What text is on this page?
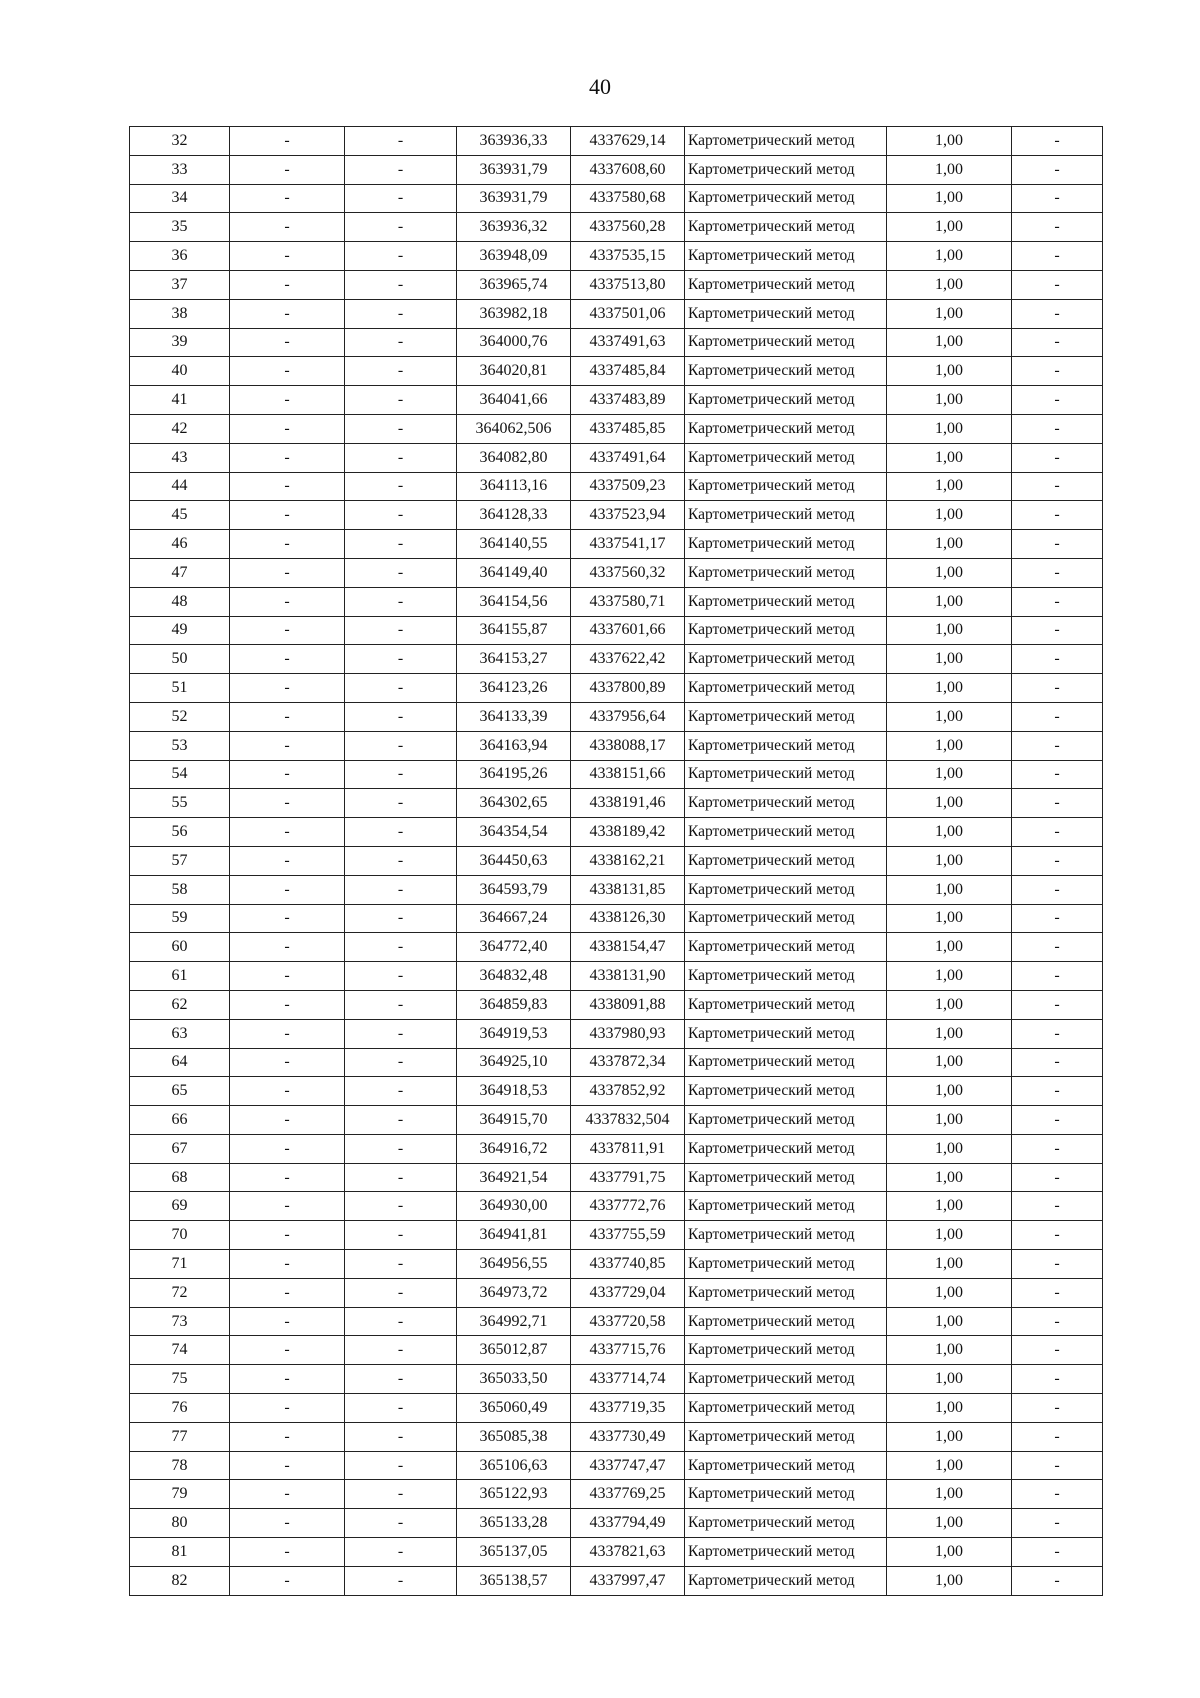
40
32	-	-	363936,33	4337629,14	Картометрический метод	1,00	-
33	-	-	363931,79	4337608,60	Картометрический метод	1,00	-
34	-	-	363931,79	4337580,68	Картометрический метод	1,00	-
35	-	-	363936,32	4337560,28	Картометрический метод	1,00	-
36	-	-	363948,09	4337535,15	Картометрический метод	1,00	-
37	-	-	363965,74	4337513,80	Картометрический метод	1,00	-
38	-	-	363982,18	4337501,06	Картометрический метод	1,00	-
39	-	-	364000,76	4337491,63	Картометрический метод	1,00	-
40	-	-	364020,81	4337485,84	Картометрический метод	1,00	-
41	-	-	364041,66	4337483,89	Картометрический метод	1,00	-
42	-	-	364062,506	4337485,85	Картометрический метод	1,00	-
43	-	-	364082,80	4337491,64	Картометрический метод	1,00	-
44	-	-	364113,16	4337509,23	Картометрический метод	1,00	-
45	-	-	364128,33	4337523,94	Картометрический метод	1,00	-
46	-	-	364140,55	4337541,17	Картометрический метод	1,00	-
47	-	-	364149,40	4337560,32	Картометрический метод	1,00	-
48	-	-	364154,56	4337580,71	Картометрический метод	1,00	-
49	-	-	364155,87	4337601,66	Картометрический метод	1,00	-
50	-	-	364153,27	4337622,42	Картометрический метод	1,00	-
51	-	-	364123,26	4337800,89	Картометрический метод	1,00	-
52	-	-	364133,39	4337956,64	Картометрический метод	1,00	-
53	-	-	364163,94	4338088,17	Картометрический метод	1,00	-
54	-	-	364195,26	4338151,66	Картометрический метод	1,00	-
55	-	-	364302,65	4338191,46	Картометрический метод	1,00	-
56	-	-	364354,54	4338189,42	Картометрический метод	1,00	-
57	-	-	364450,63	4338162,21	Картометрический метод	1,00	-
58	-	-	364593,79	4338131,85	Картометрический метод	1,00	-
59	-	-	364667,24	4338126,30	Картометрический метод	1,00	-
60	-	-	364772,40	4338154,47	Картометрический метод	1,00	-
61	-	-	364832,48	4338131,90	Картометрический метод	1,00	-
62	-	-	364859,83	4338091,88	Картометрический метод	1,00	-
63	-	-	364919,53	4337980,93	Картометрический метод	1,00	-
64	-	-	364925,10	4337872,34	Картометрический метод	1,00	-
65	-	-	364918,53	4337852,92	Картометрический метод	1,00	-
66	-	-	364915,70	4337832,504	Картометрический метод	1,00	-
67	-	-	364916,72	4337811,91	Картометрический метод	1,00	-
68	-	-	364921,54	4337791,75	Картометрический метод	1,00	-
69	-	-	364930,00	4337772,76	Картометрический метод	1,00	-
70	-	-	364941,81	4337755,59	Картометрический метод	1,00	-
71	-	-	364956,55	4337740,85	Картометрический метод	1,00	-
72	-	-	364973,72	4337729,04	Картометрический метод	1,00	-
73	-	-	364992,71	4337720,58	Картометрический метод	1,00	-
74	-	-	365012,87	4337715,76	Картометрический метод	1,00	-
75	-	-	365033,50	4337714,74	Картометрический метод	1,00	-
76	-	-	365060,49	4337719,35	Картометрический метод	1,00	-
77	-	-	365085,38	4337730,49	Картометрический метод	1,00	-
78	-	-	365106,63	4337747,47	Картометрический метод	1,00	-
79	-	-	365122,93	4337769,25	Картометрический метод	1,00	-
80	-	-	365133,28	4337794,49	Картометрический метод	1,00	-
81	-	-	365137,05	4337821,63	Картометрический метод	1,00	-
82	-	-	365138,57	4337997,47	Картометрический метод	1,00	-
